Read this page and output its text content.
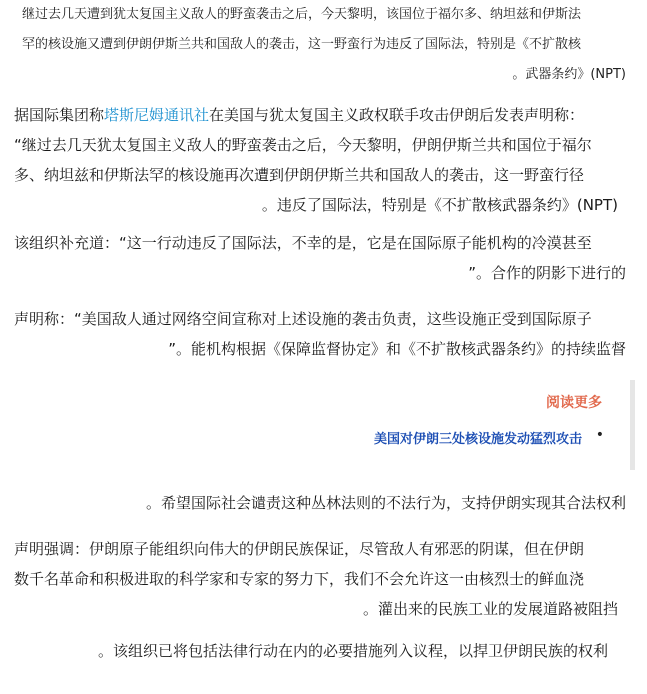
继过去几天遭到犹太复国主义敌人的野蛮袭击之后，今天黎明，该国位于福尔多、纳坦兹和伊斯法
罕的核设施又遭到伊朗伊斯兰共和国敌人的袭击，这一野蛮行为违反了国际法，特别是《不扩散核
。武器条约》(NPT)
据国际集团称塔斯尼姆通讯社在美国与犹太复国主义政权联手攻击伊朗后发表声明称：
“继过去几天犹太复国主义敌人的野蛮袭击之后，今天黎明，伊朗伊斯兰共和国位于福尔
多、纳坦兹和伊斯法罕的核设施再次遭到伊朗伊斯兰共和国敌人的袭击，这一野蛮行径
。违反了国际法，特别是《不扩散核武器条约》(NPT)
该组织补充道：“这一行动违反了国际法，不幸的是，它是在国际原子能机构的冷漠甚至
”。合作的阴影下进行的
声明称：“美国敌人通过网络空间宣称对上述设施的袭击负责，这些设施正受到国际原子
”。能机构根据《保障监督协定》和《不扩散核武器条约》的持续监督
阅读更多
美国对伊朗三处核设施发动猛烈攻击 •
。希望国际社会谴责这种丛林法则的不法行为，支持伊朗实现其合法权利
声明强调：伊朗原子能组织向伟大的伊朗民族保证，尽管敌人有邪恶的阴谋，但在伊朗
数千名革命和积极进取的科学家和专家的努力下，我们不会允许这一由核烈士的鲜血浇
。灌出来的民族工业的发展道路被阻挡
。该组织已将包括法律行动在内的必要措施列入议程，以捍卫伊朗民族的权利
